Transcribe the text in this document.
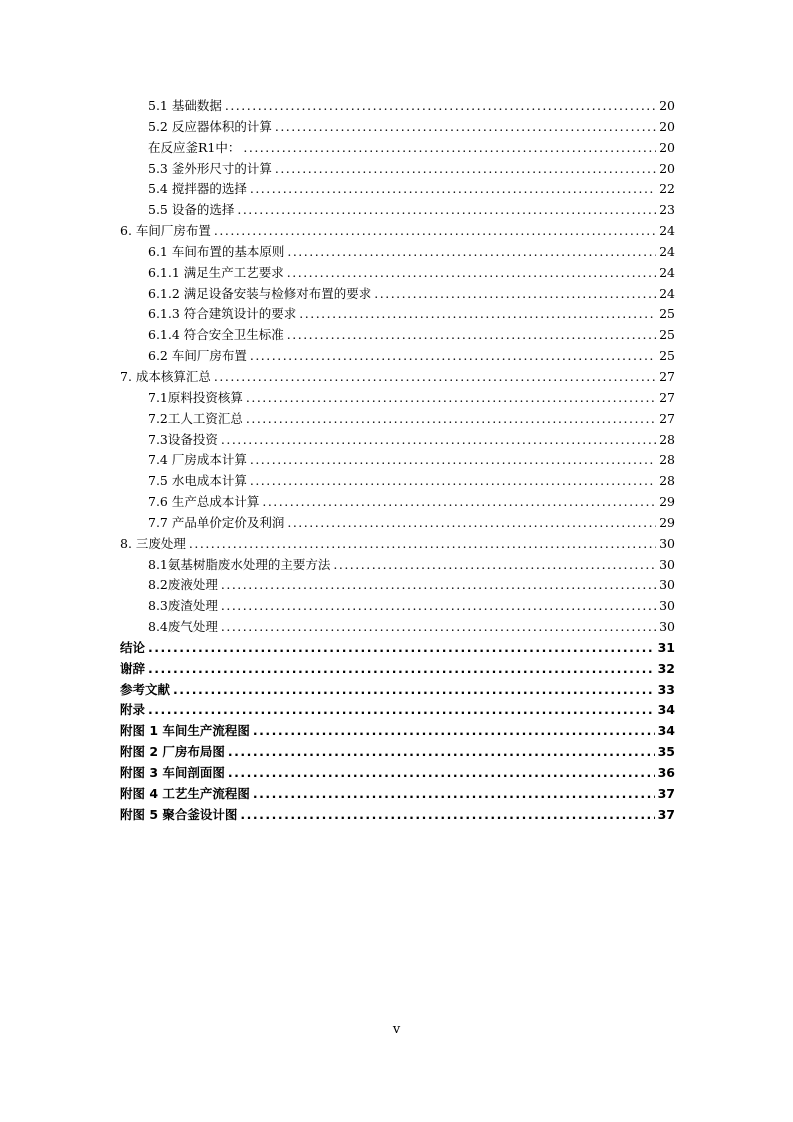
5.1 基础数据 .....	20
5.2 反应器体积的计算 .....	20
在反应釜R1中： .....	20
5.3 釜外形尺寸的计算 .....	20
5.4 搅拌器的选择 .....	22
5.5 设备的选择 .....	23
6. 车间厂房布置 .....	24
6.1 车间布置的基本原则 .....	24
6.1.1 满足生产工艺要求 .....	24
6.1.2 满足设备安装与检修对布置的要求 .....	24
6.1.3 符合建筑设计的要求 .....	25
6.1.4 符合安全卫生标准 .....	25
6.2 车间厂房布置 .....	25
7. 成本核算汇总 .....	27
7.1原料投资核算 .....	27
7.2工人工资汇总 .....	27
7.3设备投资 .....	28
7.4 厂房成本计算 .....	28
7.5 水电成本计算 .....	28
7.6 生产总成本计算 .....	29
7.7 产品单价定价及利润 .....	29
8. 三废处理 .....	30
8.1氨基树脂废水处理的主要方法 .....	30
8.2废液处理 .....	30
8.3废渣处理 .....	30
8.4废气处理 .....	30
结论 .....	31
谢辞 .....	32
参考文献 .....	33
附录 .....	34
附图 1 车间生产流程图 .....	34
附图 2 厂房布局图 .....	35
附图 3 车间剖面图 .....	36
附图 4 工艺生产流程图 .....	37
附图 5 聚合釜设计图 .....	37
v
